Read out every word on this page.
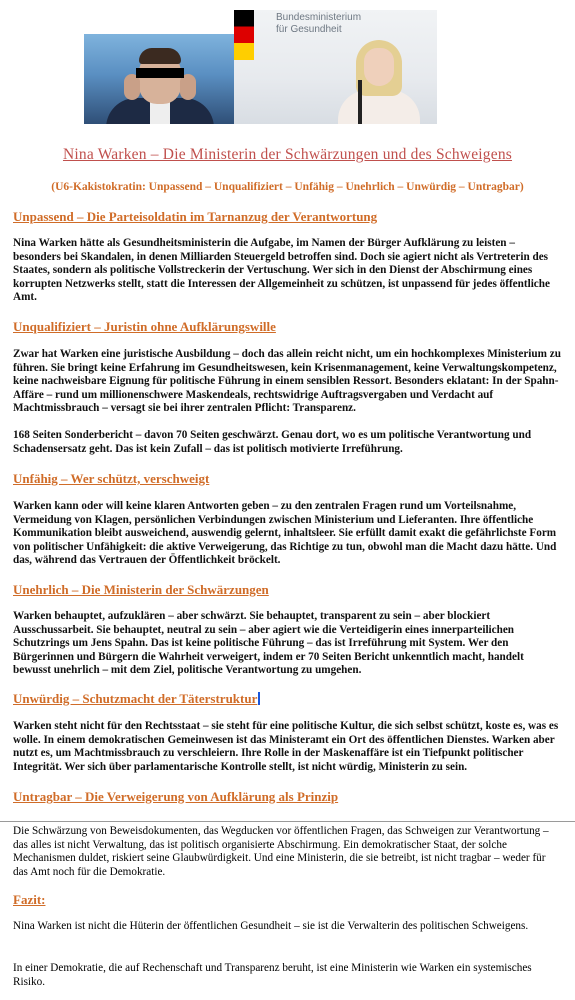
Bundesministerium
für Gesundheit
Nina Warken – Die Ministerin der Schwärzungen und des Schweigens
(U6-Kakistokratin: Unpassend – Unqualifiziert – Unfähig – Unehrlich – Unwürdig – Untragbar)
Unpassend – Die Parteisoldatin im Tarnanzug der Verantwortung
Nina Warken hätte als Gesundheitsministerin die Aufgabe, im Namen der Bürger Aufklärung zu leisten – besonders bei Skandalen, in denen Milliarden Steuergeld betroffen sind. Doch sie agiert nicht als Vertreterin des Staates, sondern als politische Vollstreckerin der Vertuschung. Wer sich in den Dienst der Abschirmung eines korrupten Netzwerks stellt, statt die Interessen der Allgemeinheit zu schützen, ist unpassend für jedes öffentliche Amt.
Unqualifiziert – Juristin ohne Aufklärungswille
Zwar hat Warken eine juristische Ausbildung – doch das allein reicht nicht, um ein hochkomplexes Ministerium zu führen. Sie bringt keine Erfahrung im Gesundheitswesen, kein Krisenmanagement, keine Verwaltungskompetenz, keine nachweisbare Eignung für politische Führung in einem sensiblen Ressort. Besonders eklatant: In der Spahn-Affäre – rund um millionenschwere Maskendeals, rechtswidrige Auftragsvergaben und Verdacht auf Machtmissbrauch – versagt sie bei ihrer zentralen Pflicht: Transparenz.
168 Seiten Sonderbericht – davon 70 Seiten geschwärzt. Genau dort, wo es um politische Verantwortung und Schadensersatz geht. Das ist kein Zufall – das ist politisch motivierte Irreführung.
Unfähig – Wer schützt, verschweigt
Warken kann oder will keine klaren Antworten geben – zu den zentralen Fragen rund um Vorteilsnahme, Vermeidung von Klagen, persönlichen Verbindungen zwischen Ministerium und Lieferanten. Ihre öffentliche Kommunikation bleibt ausweichend, auswendig gelernt, inhaltsleer. Sie erfüllt damit exakt die gefährlichste Form von politischer Unfähigkeit: die aktive Verweigerung, das Richtige zu tun, obwohl man die Macht dazu hätte. Und das, während das Vertrauen der Öffentlichkeit bröckelt.
Unehrlich – Die Ministerin der Schwärzungen
Warken behauptet, aufzuklären – aber schwärzt. Sie behauptet, transparent zu sein – aber blockiert Ausschussarbeit. Sie behauptet, neutral zu sein – aber agiert wie die Verteidigerin eines innerparteilichen Schutzrings um Jens Spahn. Das ist keine politische Führung – das ist Irreführung mit System. Wer den Bürgerinnen und Bürgern die Wahrheit verweigert, indem er 70 Seiten Bericht unkenntlich macht, handelt bewusst unehrlich – mit dem Ziel, politische Verantwortung zu umgehen.
Unwürdig – Schutzmacht der Täterstruktur
Warken steht nicht für den Rechtsstaat – sie steht für eine politische Kultur, die sich selbst schützt, koste es, was es wolle. In einem demokratischen Gemeinwesen ist das Ministeramt ein Ort des öffentlichen Dienstes. Warken aber nutzt es, um Machtmissbrauch zu verschleiern. Ihre Rolle in der Maskenaffäre ist ein Tiefpunkt politischer Integrität. Wer sich über parlamentarische Kontrolle stellt, ist nicht würdig, Ministerin zu sein.
Untragbar – Die Verweigerung von Aufklärung als Prinzip
Die Schwärzung von Beweisdokumenten, das Wegducken vor öffentlichen Fragen, das Schweigen zur Verantwortung – das alles ist nicht Verwaltung, das ist politisch organisierte Abschirmung. Ein demokratischer Staat, der solche Mechanismen duldet, riskiert seine Glaubwürdigkeit. Und eine Ministerin, die sie betreibt, ist nicht tragbar – weder für das Amt noch für die Demokratie.
Fazit:
Nina Warken ist nicht die Hüterin der öffentlichen Gesundheit – sie ist die Verwalterin des politischen Schweigens.
In einer Demokratie, die auf Rechenschaft und Transparenz beruht, ist eine Ministerin wie Warken ein systemisches Risiko.
